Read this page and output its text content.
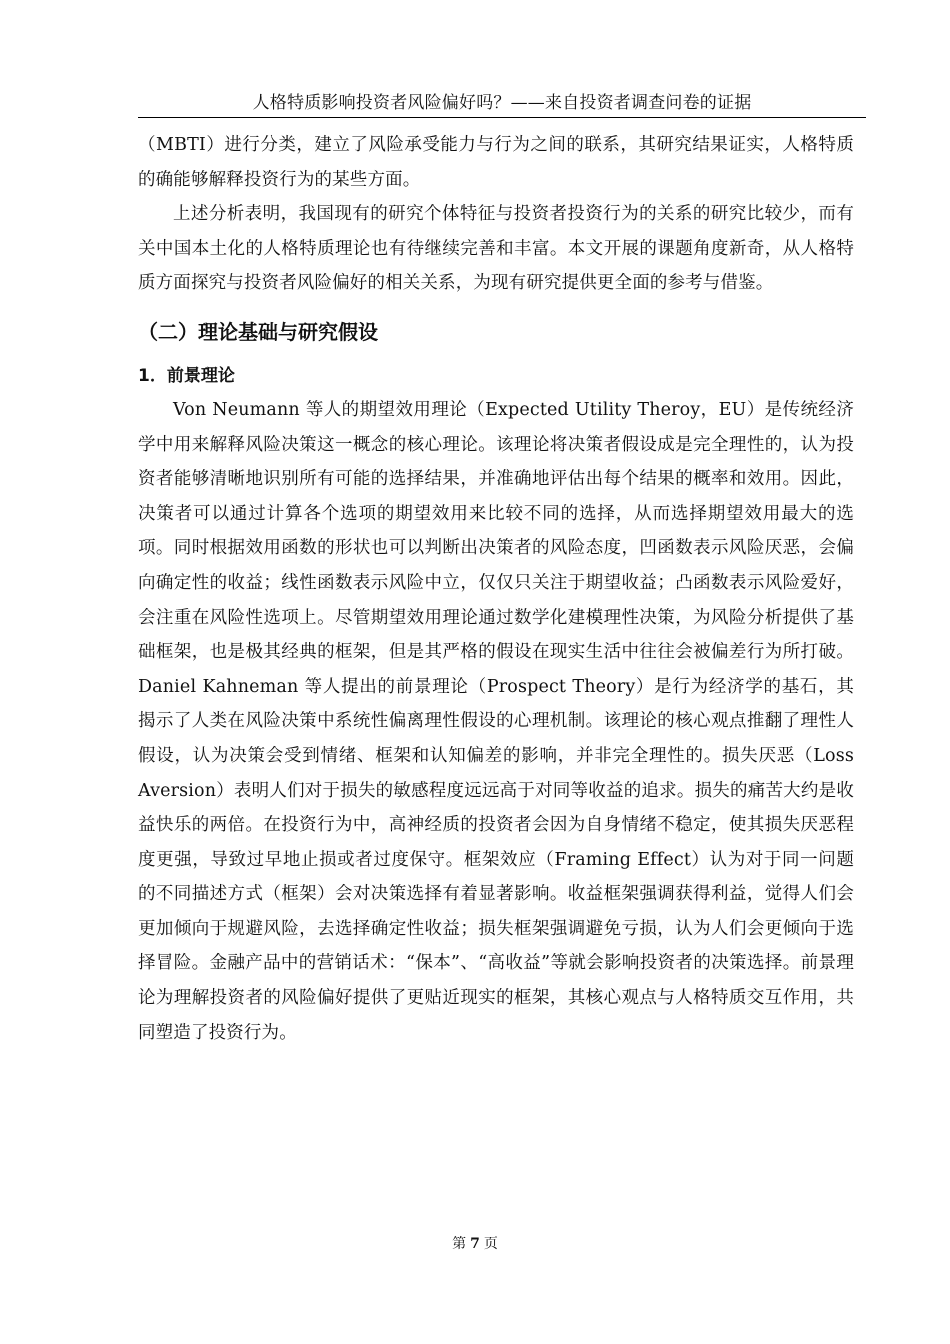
人格特质影响投资者风险偏好吗？——来自投资者调查问卷的证据

（MBTI）进行分类，建立了风险承受能力与行为之间的联系，其研究结果证实，人格特质的确能够解释投资行为的某些方面。

上述分析表明，我国现有的研究个体特征与投资者投资行为的关系的研究比较少，而有关中国本土化的人格特质理论也有待继续完善和丰富。本文开展的课题角度新奇，从人格特质方面探究与投资者风险偏好的相关关系，为现有研究提供更全面的参考与借鉴。

（二）理论基础与研究假设
1．前景理论

Von Neumann 等人的期望效用理论（Expected Utility Theroy，EU）是传统经济学中用来解释风险决策这一概念的核心理论。该理论将决策者假设成是完全理性的，认为投资者能够清晰地识别所有可能的选择结果，并准确地评估出每个结果的概率和效用。因此，决策者可以通过计算各个选项的期望效用来比较不同的选择，从而选择期望效用最大的选项。同时根据效用函数的形状也可以判断出决策者的风险态度，凹函数表示风险厌恶，会偏向确定性的收益；线性函数表示风险中立，仅仅只关注于期望收益；凸函数表示风险爱好，会注重在风险性选项上。尽管期望效用理论通过数学化建模理性决策，为风险分析提供了基础框架，也是极其经典的框架，但是其严格的假设在现实生活中往往会被偏差行为所打破。Daniel Kahneman 等人提出的前景理论（Prospect Theory）是行为经济学的基石，其揭示了人类在风险决策中系统性偏离理性假设的心理机制。该理论的核心观点推翻了理性人假设，认为决策会受到情绪、框架和认知偏差的影响，并非完全理性的。损失厌恶（Loss Aversion）表明人们对于损失的敏感程度远远高于对同等收益的追求。损失的痛苦大约是收益快乐的两倍。在投资行为中，高神经质的投资者会因为自身情绪不稳定，使其损失厌恶程度更强，导致过早地止损或者过度保守。框架效应（Framing Effect）认为对于同一问题的不同描述方式（框架）会对决策选择有着显著影响。收益框架强调获得利益，觉得人们会更加倾向于规避风险，去选择确定性收益；损失框架强调避免亏损，认为人们会更倾向于选择冒险。金融产品中的营销话术：“保本”、“高收益”等就会影响投资者的决策选择。前景理论为理解投资者的风险偏好提供了更贴近现实的框架，其核心观点与人格特质交互作用，共同塑造了投资行为。

第 7 页
